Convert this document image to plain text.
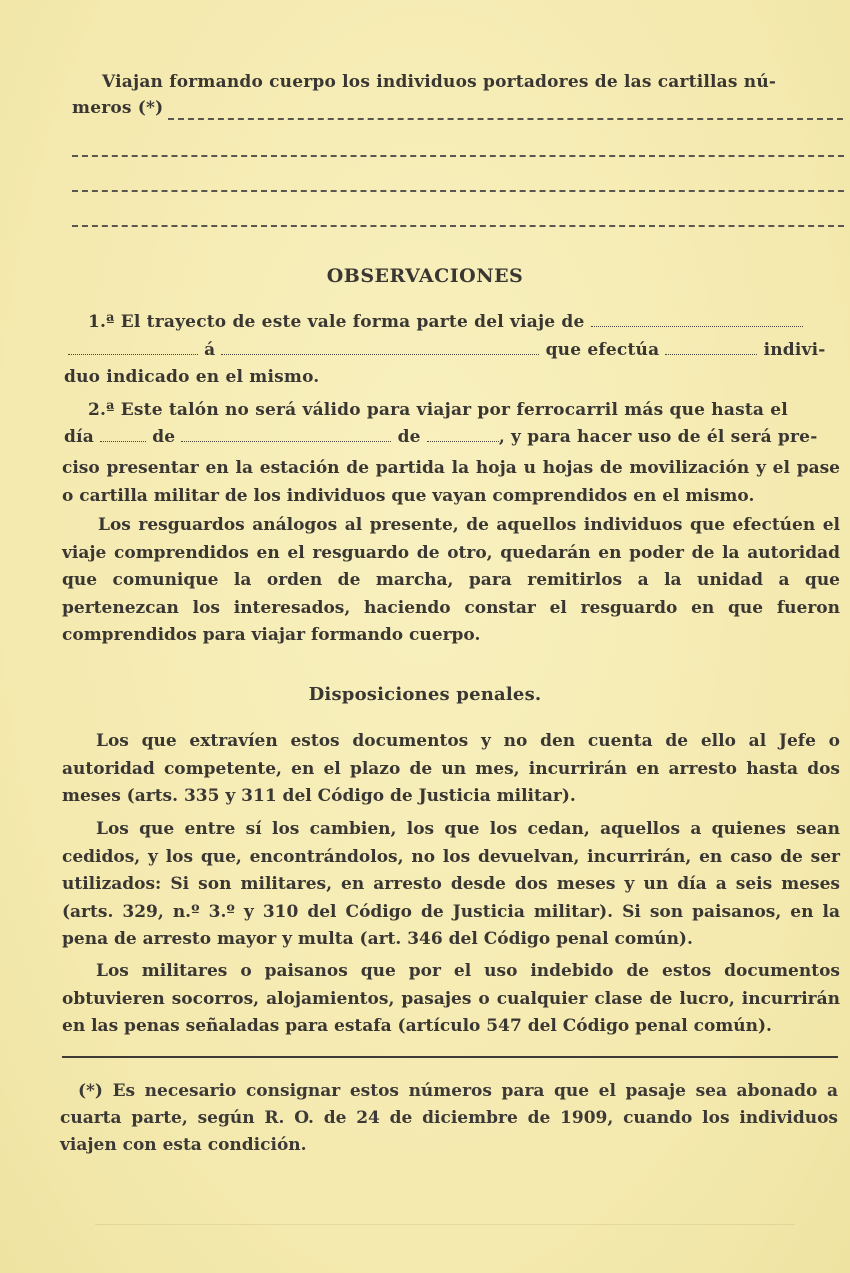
Viajan formando cuerpo los individuos portadores de las cartillas nú-
meros (*)
OBSERVACIONES
1.ª El trayecto de este vale forma parte del viaje de
á	que efectúa	indivi-
duo indicado en el mismo.
2.ª Este talón no será válido para viajar por ferrocarril más que hasta el
día	de	de	, y para hacer uso de él será pre-
ciso presentar en la estación de partida la hoja u hojas de movilización y el pase o cartilla militar de los individuos que vayan comprendidos en el mismo.
Los resguardos análogos al presente, de aquellos individuos que efectúen el viaje comprendidos en el resguardo de otro, quedarán en poder de la autoridad que comunique la orden de marcha, para remitirlos a la unidad a que pertenezcan los interesados, haciendo constar el resguardo en que fueron comprendidos para viajar formando cuerpo.
Disposiciones penales.
Los que extravíen estos documentos y no den cuenta de ello al Jefe o autoridad competente, en el plazo de un mes, incurrirán en arresto hasta dos meses (arts. 335 y 311 del Código de Justicia militar).
Los que entre sí los cambien, los que los cedan, aquellos a quienes sean cedidos, y los que, encontrándolos, no los devuelvan, incurrirán, en caso de ser utilizados: Si son militares, en arresto desde dos meses y un día a seis meses (arts. 329, n.º 3.º y 310 del Código de Justicia militar). Si son paisanos, en la pena de arresto mayor y multa (art. 346 del Código penal común).
Los militares o paisanos que por el uso indebido de estos documentos obtuvieren socorros, alojamientos, pasajes o cualquier clase de lucro, incurrirán en las penas señaladas para estafa (artículo 547 del Código penal común).
(*) Es necesario consignar estos números para que el pasaje sea abonado a cuarta parte, según R. O. de 24 de diciembre de 1909, cuando los individuos viajen con esta condición.
